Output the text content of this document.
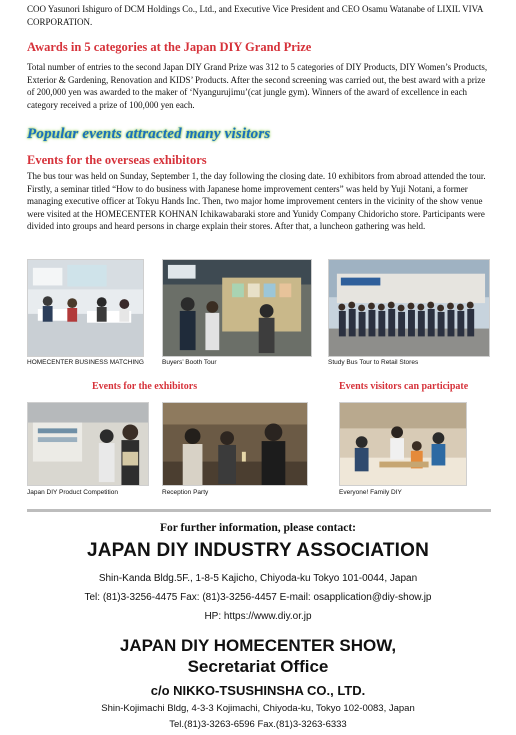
COO Yasunori Ishiguro of DCM Holdings Co., Ltd., and Executive Vice President and CEO Osamu Watanabe of LIXIL VIVA CORPORATION.
Awards in 5 categories at the Japan DIY Grand Prize
Total number of entries to the second Japan DIY Grand Prize was 312 to 5 categories of DIY Products, DIY Women’s Products, Exterior & Gardening, Renovation and KIDS’ Products. After the second screening was carried out, the best award with a prize of 200,000 yen was awarded to the maker of ‘Nyangurujimu’(cat jungle gym). Winners of the award of excellence in each category received a prize of 100,000 yen each.
Popular events attracted many visitors
Events for the overseas exhibitors
The bus tour was held on Sunday, September 1, the day following the closing date. 10 exhibitors from abroad attended the tour. Firstly, a seminar titled “How to do business with Japanese home improvement centers” was held by Yuji Notani, a former managing executive officer at Tokyu Hands Inc. Then, two major home improvement centers in the vicinity of the show venue were visited at the HOMECENTER KOHNAN Ichikawabaraki store and Yunidy Company Chidoricho store. Participants were divided into groups and heard persons in charge explain their stores. After that, a luncheon gathering was held.
HOMECENTER BUSINESS MATCHING	Buyers’ Booth Tour	Study Bus Tour to Retail Stores
Events for the exhibitors	Events visitors can participate
Japan DIY Product Competition	Reception Party	Everyone! Family DIY
For further information, please contact:
JAPAN DIY INDUSTRY ASSOCIATION
Shin-Kanda Bldg.5F., 1-8-5 Kajicho, Chiyoda-ku Tokyo 101-0044, Japan
Tel: (81)3-3256-4475 Fax: (81)3-3256-4457 E-mail: osapplication@diy-show.jp
HP: https://www.diy.or.jp
JAPAN DIY HOMECENTER SHOW,
Secretariat Office
c/o NIKKO-TSUSHINSHA CO., LTD.
Shin-Kojimachi Bldg, 4-3-3 Kojimachi, Chiyoda-ku, Tokyo 102-0083, Japan
Tel.(81)3-3263-6596 Fax.(81)3-3263-6333
